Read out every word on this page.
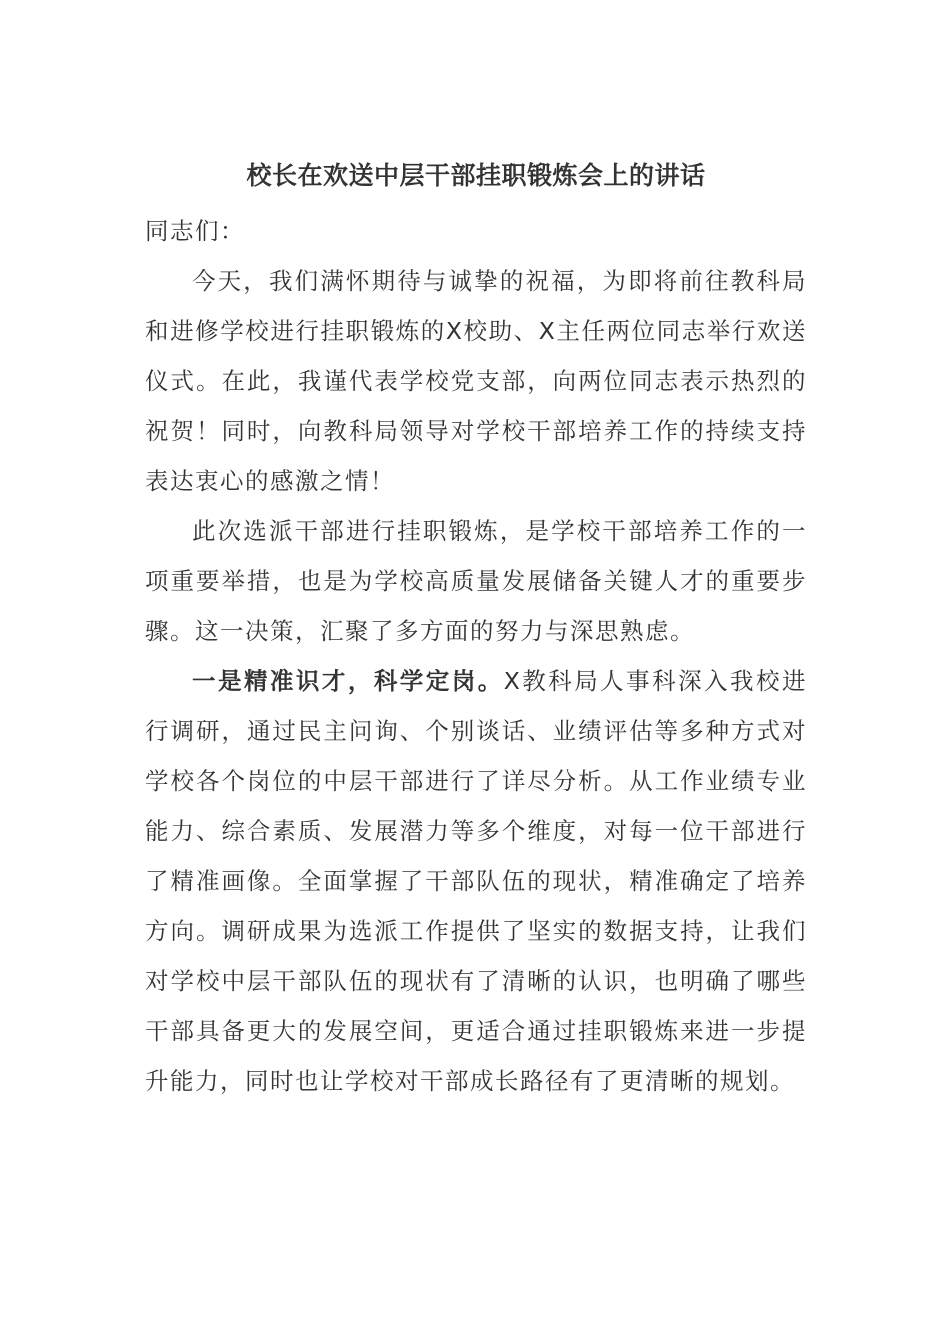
校长在欢送中层干部挂职锻炼会上的讲话

同志们：

今天，我们满怀期待与诚挚的祝福，为即将前往教科局和进修学校进行挂职锻炼的X校助、X主任两位同志举行欢送仪式。在此，我谨代表学校党支部，向两位同志表示热烈的祝贺！同时，向教科局领导对学校干部培养工作的持续支持表达衷心的感激之情！

此次选派干部进行挂职锻炼，是学校干部培养工作的一项重要举措，也是为学校高质量发展储备关键人才的重要步骤。这一决策，汇聚了多方面的努力与深思熟虑。

一是精准识才，科学定岗。X教科局人事科深入我校进行调研，通过民主问询、个别谈话、业绩评估等多种方式对学校各个岗位的中层干部进行了详尽分析。从工作业绩专业能力、综合素质、发展潜力等多个维度，对每一位干部进行了精准画像。全面掌握了干部队伍的现状，精准确定了培养方向。调研成果为选派工作提供了坚实的数据支持，让我们对学校中层干部队伍的现状有了清晰的认识，也明确了哪些干部具备更大的发展空间，更适合通过挂职锻炼来进一步提升能力，同时也让学校对干部成长路径有了更清晰的规划。
